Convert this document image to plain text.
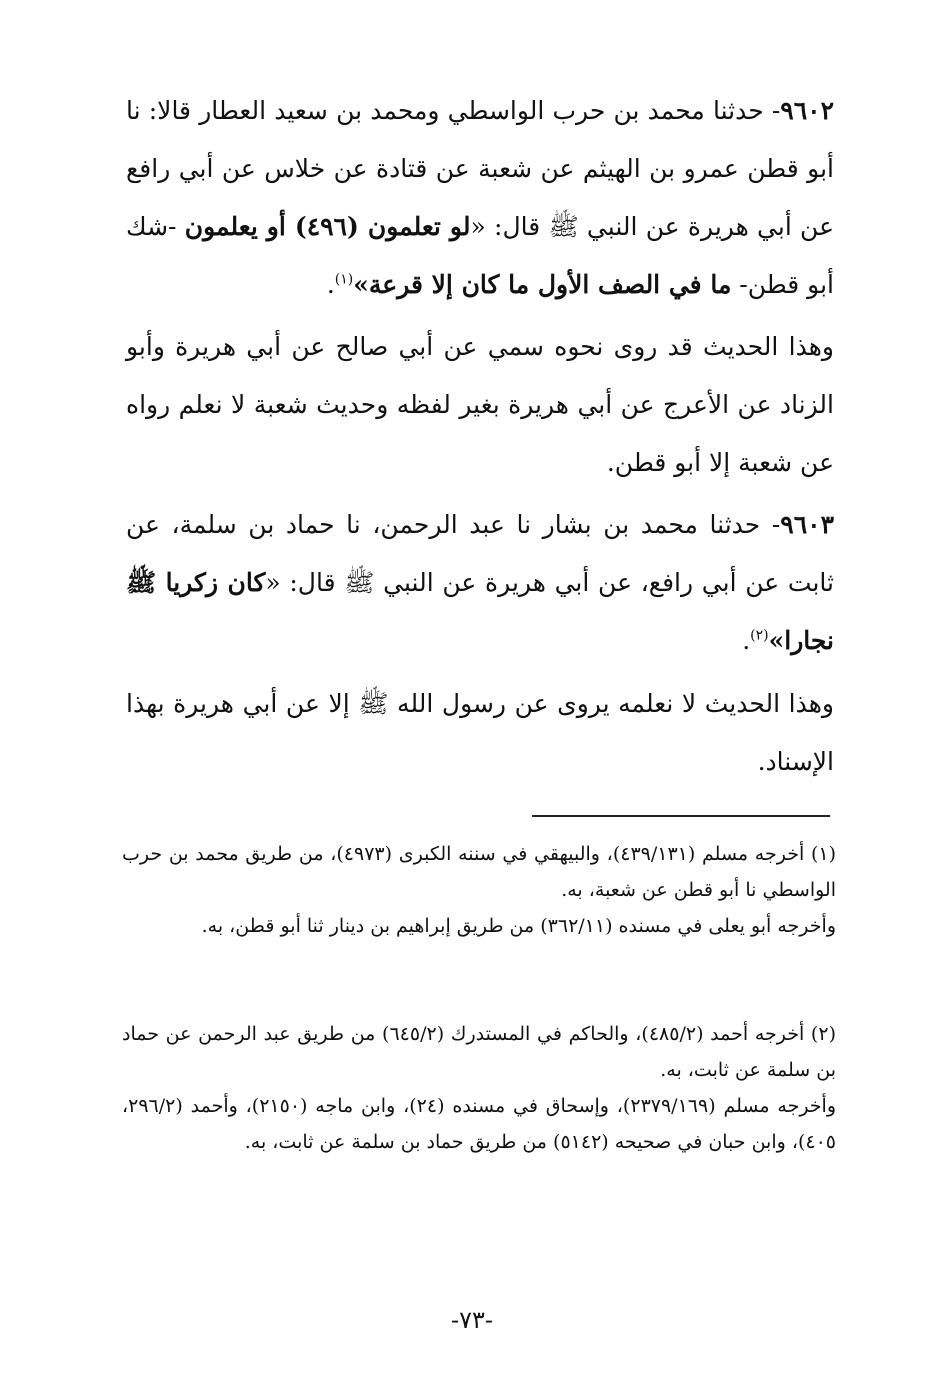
٩٦٠٢- حدثنا محمد بن حرب الواسطي ومحمد بن سعيد العطار قالا: نا أبو قطن عمرو بن الهيثم عن شعبة عن قتادة عن خلاس عن أبي رافع عن أبي هريرة عن النبي ﷺ قال: «لو تعلمون (٤٩٦) أو يعلمون -شك أبو قطن- ما في الصف الأول ما كان إلا قرعة»$^{(١)}$.

وهذا الحديث قد روى نحوه سمي عن أبي صالح عن أبي هريرة وأبو الزناد عن الأعرج عن أبي هريرة بغير لفظه وحديث شعبة لا نعلم رواه عن شعبة إلا أبو قطن.

٩٦٠٣- حدثنا محمد بن بشار نا عبد الرحمن، نا حماد بن سلمة، عن ثابت عن أبي رافع، عن أبي هريرة عن النبي ﷺ قال: «كان زكريا ﷺ نجارا»$^{(٢)}$.

وهذا الحديث لا نعلمه يروى عن رسول الله ﷺ إلا عن أبي هريرة بهذا الإسناد.

(١) أخرجه مسلم (٤٣٩/١٣١)، والبيهقي في سننه الكبرى (٤٩٧٣)، من طريق محمد بن حرب الواسطي نا أبو قطن عن شعبة، به.

وأخرجه أبو يعلى في مسنده (٣٦٢/١١) من طريق إبراهيم بن دينار ثنا أبو قطن، به.

(٢) أخرجه أحمد (٤٨٥/٢)، والحاكم في المستدرك (٦٤٥/٢) من طريق عبد الرحمن عن حماد بن سلمة عن ثابت، به.

وأخرجه مسلم (٢٣٧٩/١٦٩)، وإسحاق في مسنده (٢٤)، وابن ماجه (٢١٥٠)، وأحمد (٢٩٦/٢، ٤٠٥)، وابن حبان في صحيحه (٥١٤٢) من طريق حماد بن سلمة عن ثابت، به.

-٧٣-
